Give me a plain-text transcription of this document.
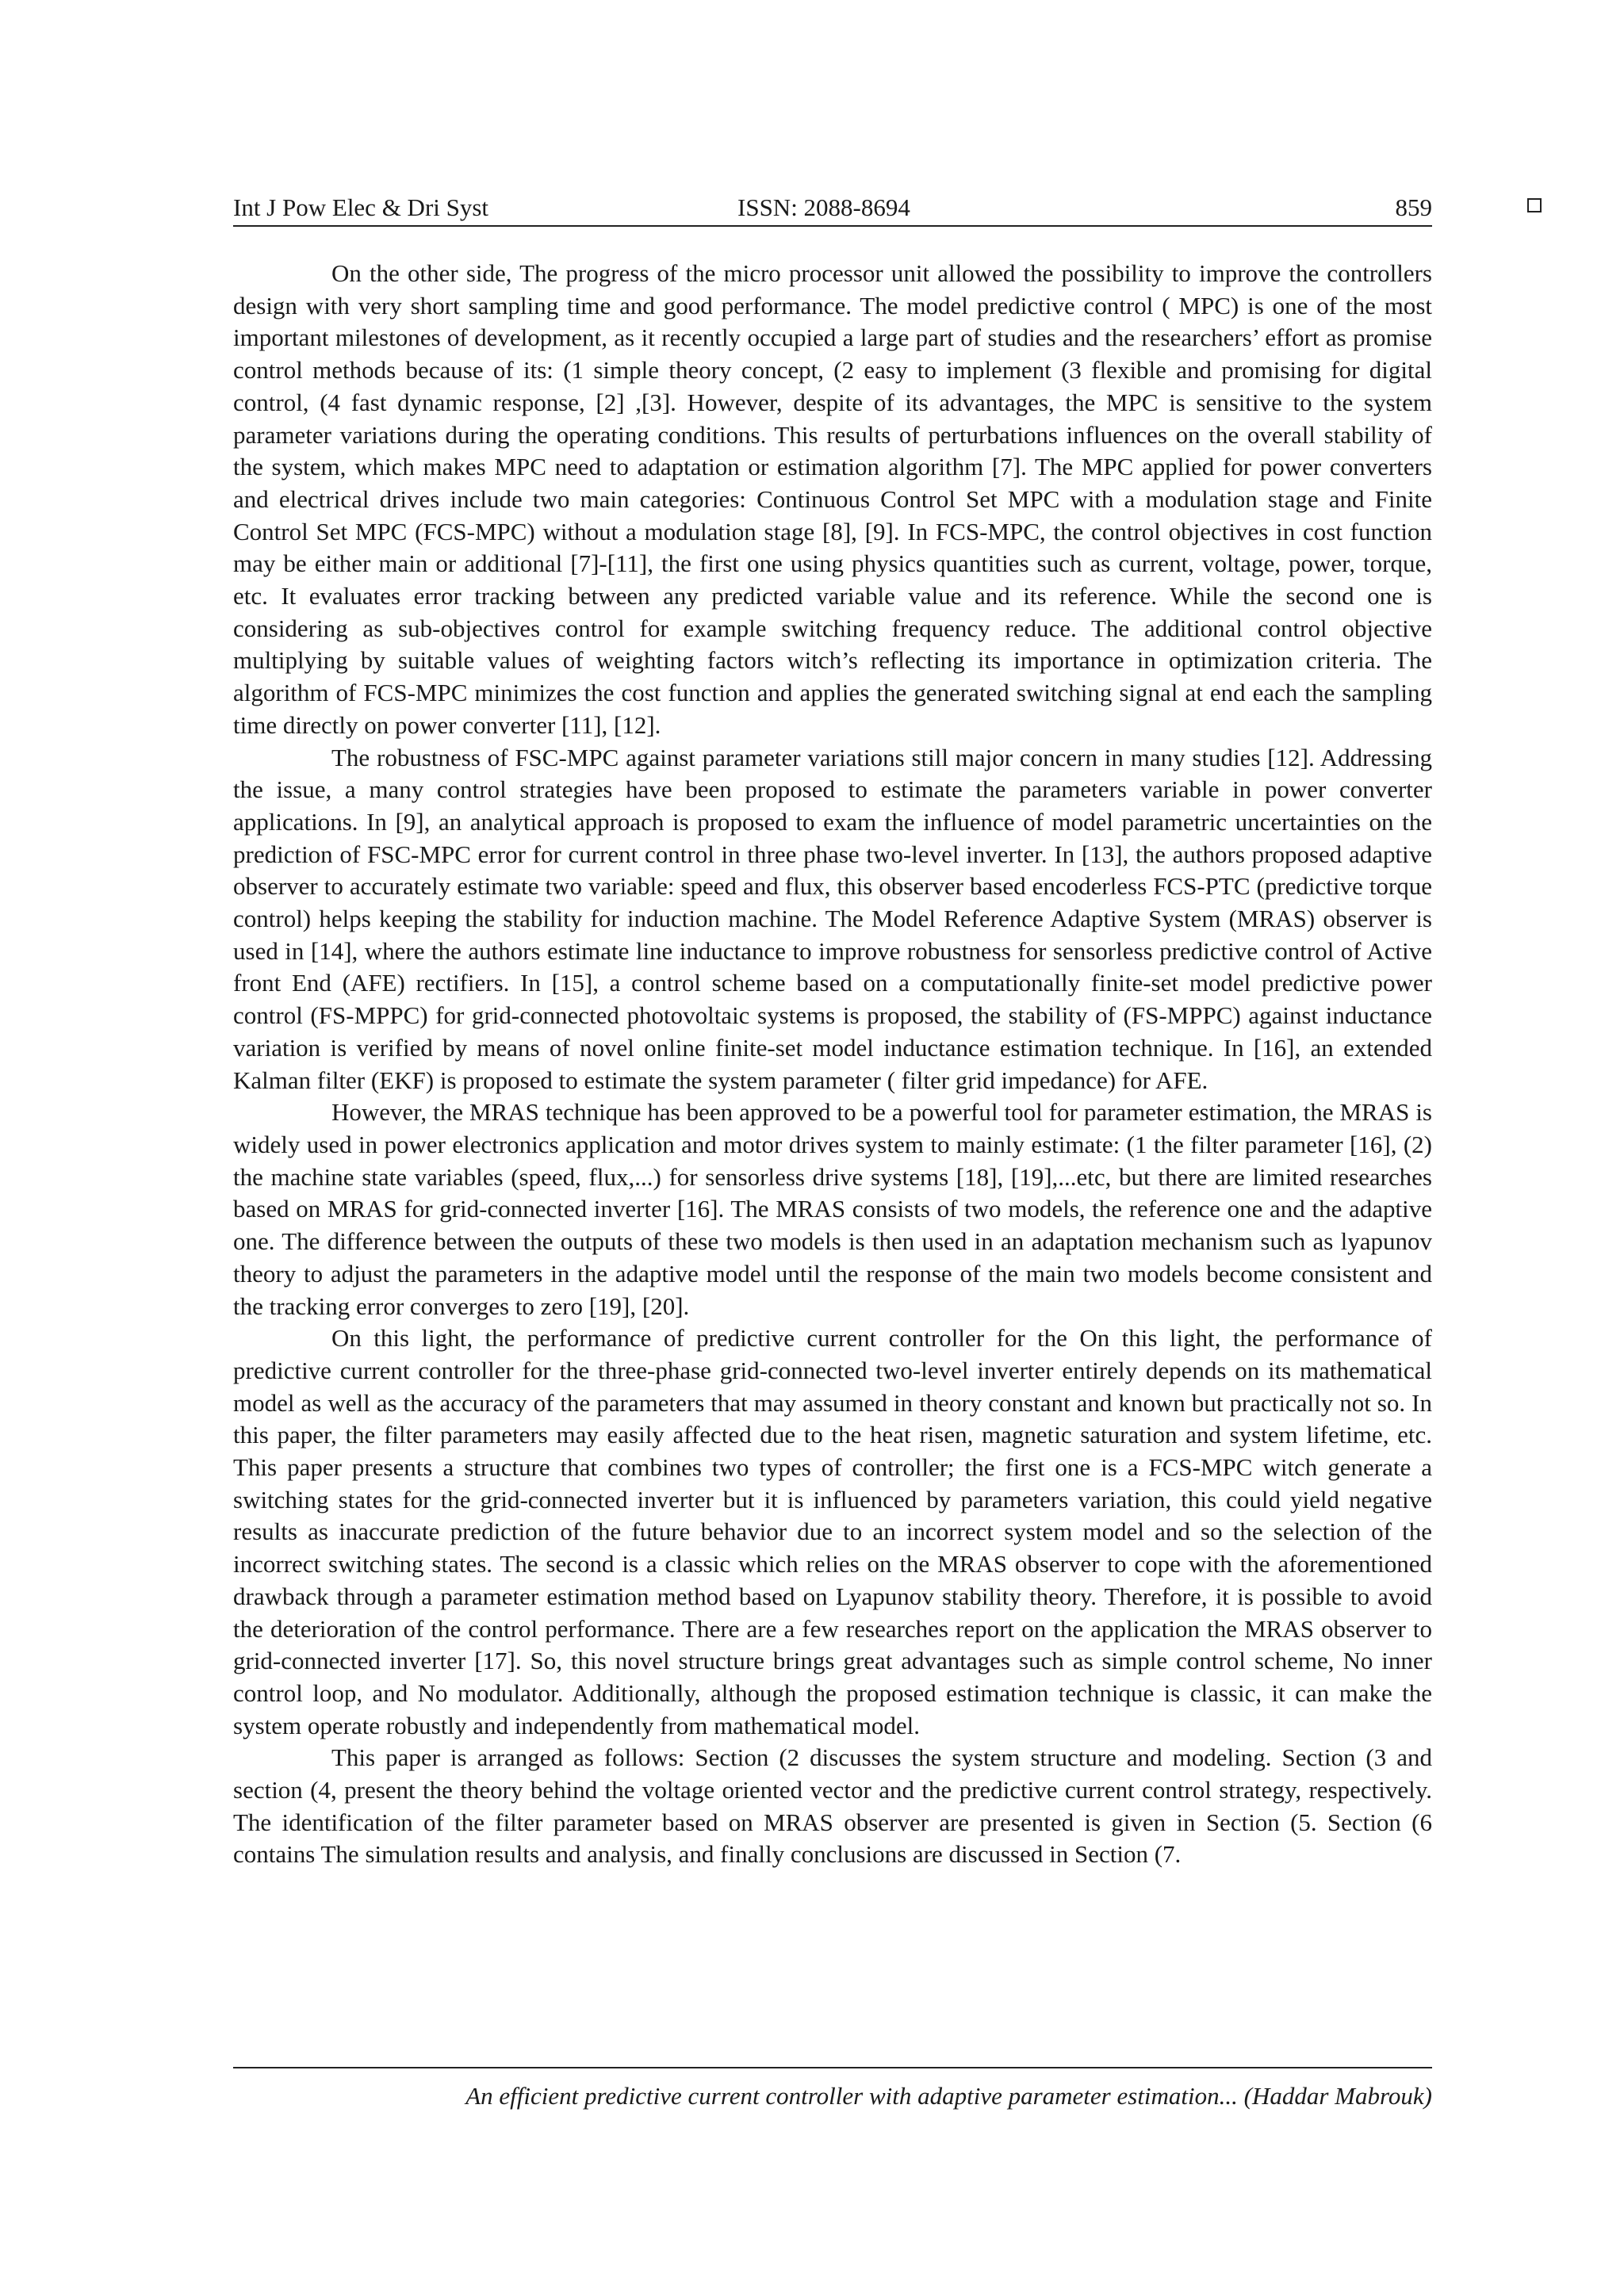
Int J Pow Elec & Dri Syst	ISSN: 2088-8694	859

On the other side, The progress of the micro processor unit allowed the possibility to improve the controllers design with very short sampling time and good performance. The model predictive control ( MPC) is one of the most important milestones of development, as it recently occupied a large part of studies and the researchers’ effort as promise control methods because of its: (1 simple theory concept, (2 easy to implement (3 flexible and promising for digital control, (4 fast dynamic response, [2] ,[3]. However, despite of its advantages, the MPC is sensitive to the system parameter variations during the operating conditions. This results of perturbations influences on the overall stability of the system, which makes MPC need to adaptation or estimation algorithm [7]. The MPC applied for power converters and electrical drives include two main categories: Continuous Control Set MPC with a modulation stage and Finite Control Set MPC (FCS-MPC) without a modulation stage [8], [9]. In FCS-MPC, the control objectives in cost function may be either main or additional [7]-[11], the first one using physics quantities such as current, voltage, power, torque, etc. It evaluates error tracking between any predicted variable value and its reference. While the second one is considering as sub-objectives control for example switching frequency reduce. The additional control objective multiplying by suitable values of weighting factors witch’s reflecting its importance in optimization criteria. The algorithm of FCS-MPC minimizes the cost function and applies the generated switching signal at end each the sampling time directly on power converter [11], [12].

The robustness of FSC-MPC against parameter variations still major concern in many studies [12]. Addressing the issue, a many control strategies have been proposed to estimate the parameters variable in power converter applications. In [9], an analytical approach is proposed to exam the influence of model parametric uncertainties on the prediction of FSC-MPC error for current control in three phase two-level inverter. In [13], the authors proposed adaptive observer to accurately estimate two variable: speed and flux, this observer based encoderless FCS-PTC (predictive torque control) helps keeping the stability for induction machine. The Model Reference Adaptive System (MRAS) observer is used in [14], where the authors estimate line inductance to improve robustness for sensorless predictive control of Active front End (AFE) rectifiers. In [15], a control scheme based on a computationally finite-set model predictive power control (FS-MPPC) for grid-connected photovoltaic systems is proposed, the stability of (FS-MPPC) against inductance variation is verified by means of novel online finite-set model inductance estimation technique. In [16], an extended Kalman filter (EKF) is proposed to estimate the system parameter ( filter grid impedance) for AFE.

However, the MRAS technique has been approved to be a powerful tool for parameter estimation, the MRAS is widely used in power electronics application and motor drives system to mainly estimate: (1 the filter parameter [16], (2) the machine state variables (speed, flux,...) for sensorless drive systems [18], [19],...etc, but there are limited researches based on MRAS for grid-connected inverter [16]. The MRAS consists of two models, the reference one and the adaptive one. The difference between the outputs of these two models is then used in an adaptation mechanism such as lyapunov theory to adjust the parameters in the adaptive model until the response of the main two models become consistent and the tracking error converges to zero [19], [20].

On this light, the performance of predictive current controller for the On this light, the performance of predictive current controller for the three-phase grid-connected two-level inverter entirely depends on its mathematical model as well as the accuracy of the parameters that may assumed in theory constant and known but practically not so. In this paper, the filter parameters may easily affected due to the heat risen, magnetic saturation and system lifetime, etc. This paper presents a structure that combines two types of controller; the first one is a FCS-MPC witch generate a switching states for the grid-connected inverter but it is influenced by parameters variation, this could yield negative results as inaccurate prediction of the future behavior due to an incorrect system model and so the selection of the incorrect switching states. The second is a classic which relies on the MRAS observer to cope with the aforementioned drawback through a parameter estimation method based on Lyapunov stability theory. Therefore, it is possible to avoid the deterioration of the control performance. There are a few researches report on the application the MRAS observer to grid-connected inverter [17]. So, this novel structure brings great advantages such as simple control scheme, No inner control loop, and No modulator. Additionally, although the proposed estimation technique is classic, it can make the system operate robustly and independently from mathematical model.

This paper is arranged as follows: Section (2 discusses the system structure and modeling. Section (3 and section (4, present the theory behind the voltage oriented vector and the predictive current control strategy, respectively. The identification of the filter parameter based on MRAS observer are presented is given in Section (5. Section (6 contains The simulation results and analysis, and finally conclusions are discussed in Section (7.

An efficient predictive current controller with adaptive parameter estimation... (Haddar Mabrouk)
